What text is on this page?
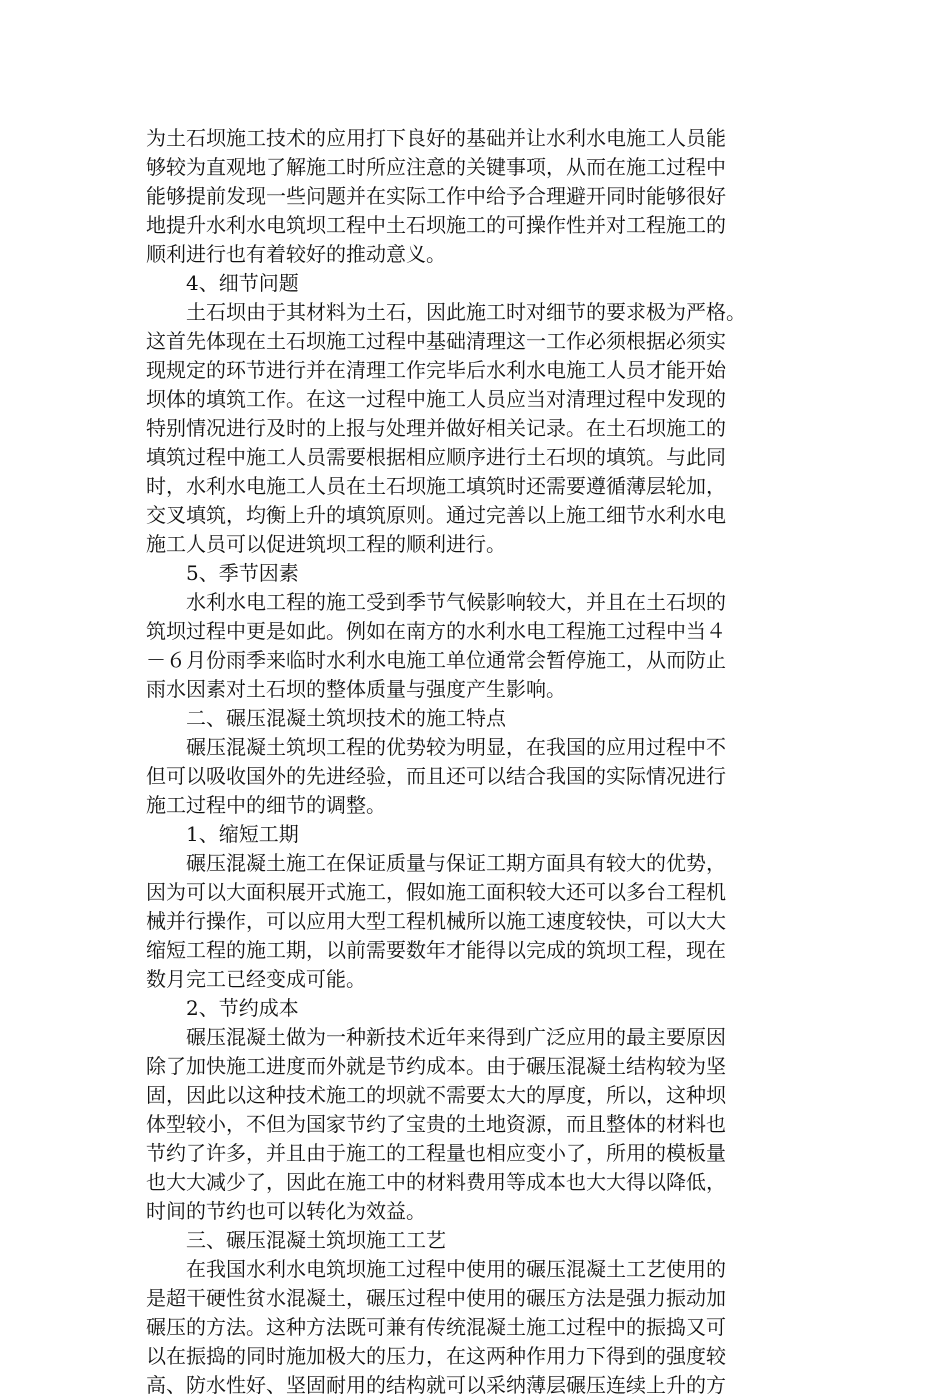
为土石坝施工技术的应用打下良好的基础并让水利水电施工人员能
够较为直观地了解施工时所应注意的关键事项，从而在施工过程中
能够提前发现一些问题并在实际工作中给予合理避开同时能够很好
地提升水利水电筑坝工程中土石坝施工的可操作性并对工程施工的
顺利进行也有着较好的推动意义。
4、细节问题
土石坝由于其材料为土石，因此施工时对细节的要求极为严格。
这首先体现在土石坝施工过程中基础清理这一工作必须根据必须实
现规定的环节进行并在清理工作完毕后水利水电施工人员才能开始
坝体的填筑工作。在这一过程中施工人员应当对清理过程中发现的
特别情况进行及时的上报与处理并做好相关记录。在土石坝施工的
填筑过程中施工人员需要根据相应顺序进行土石坝的填筑。与此同
时，水利水电施工人员在土石坝施工填筑时还需要遵循薄层轮加，
交叉填筑，均衡上升的填筑原则。通过完善以上施工细节水利水电
施工人员可以促进筑坝工程的顺利进行。
5、季节因素
水利水电工程的施工受到季节气候影响较大，并且在土石坝的
筑坝过程中更是如此。例如在南方的水利水电工程施工过程中当４
－６月份雨季来临时水利水电施工单位通常会暂停施工，从而防止
雨水因素对土石坝的整体质量与强度产生影响。
二、碾压混凝土筑坝技术的施工特点
碾压混凝土筑坝工程的优势较为明显，在我国的应用过程中不
但可以吸收国外的先进经验，而且还可以结合我国的实际情况进行
施工过程中的细节的调整。
1、缩短工期
碾压混凝土施工在保证质量与保证工期方面具有较大的优势，
因为可以大面积展开式施工，假如施工面积较大还可以多台工程机
械并行操作，可以应用大型工程机械所以施工速度较快，可以大大
缩短工程的施工期，以前需要数年才能得以完成的筑坝工程，现在
数月完工已经变成可能。
2、节约成本
碾压混凝土做为一种新技术近年来得到广泛应用的最主要原因
除了加快施工进度而外就是节约成本。由于碾压混凝土结构较为坚
固，因此以这种技术施工的坝就不需要太大的厚度，所以，这种坝
体型较小，不但为国家节约了宝贵的土地资源，而且整体的材料也
节约了许多，并且由于施工的工程量也相应变小了，所用的模板量
也大大减少了，因此在施工中的材料费用等成本也大大得以降低，
时间的节约也可以转化为效益。
三、碾压混凝土筑坝施工工艺
在我国水利水电筑坝施工过程中使用的碾压混凝土工艺使用的
是超干硬性贫水混凝土，碾压过程中使用的碾压方法是强力振动加
碾压的方法。这种方法既可兼有传统混凝土施工过程中的振捣又可
以在振捣的同时施加极大的压力，在这两种作用力下得到的强度较
高、防水性好、坚固耐用的结构就可以采纳薄层碾压连续上升的方
